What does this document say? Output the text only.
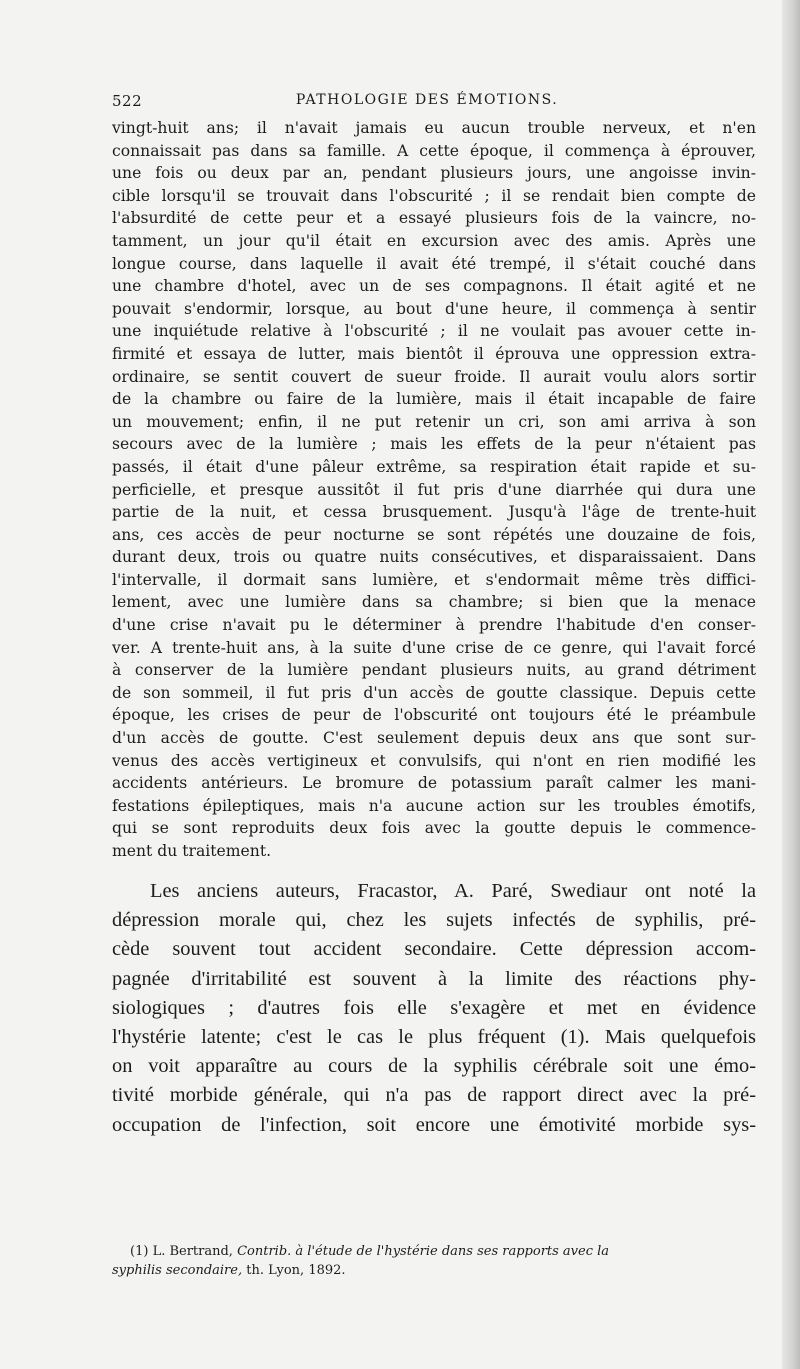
522	PATHOLOGIE DES ÉMOTIONS.

vingt-huit ans; il n'avait jamais eu aucun trouble nerveux, et n'en

connaissait pas dans sa famille. A cette époque, il commença à éprouver,

une fois ou deux par an, pendant plusieurs jours, une angoisse invin-

cible lorsqu'il se trouvait dans l'obscurité ; il se rendait bien compte de

l'absurdité de cette peur et a essayé plusieurs fois de la vaincre, no-

tamment, un jour qu'il était en excursion avec des amis. Après une

longue course, dans laquelle il avait été trempé, il s'était couché dans

une chambre d'hotel, avec un de ses compagnons. Il était agité et ne

pouvait s'endormir, lorsque, au bout d'une heure, il commença à sentir

une inquiétude relative à l'obscurité ; il ne voulait pas avouer cette in-

firmité et essaya de lutter, mais bientôt il éprouva une oppression extra-

ordinaire, se sentit couvert de sueur froide. Il aurait voulu alors sortir

de la chambre ou faire de la lumière, mais il était incapable de faire

un mouvement; enfin, il ne put retenir un cri, son ami arriva à son

secours avec de la lumière ; mais les effets de la peur n'étaient pas

passés, il était d'une pâleur extrême, sa respiration était rapide et su-

perficielle, et presque aussitôt il fut pris d'une diarrhée qui dura une

partie de la nuit, et cessa brusquement. Jusqu'à l'âge de trente-huit

ans, ces accès de peur nocturne se sont répétés une douzaine de fois,

durant deux, trois ou quatre nuits consécutives, et disparaissaient. Dans

l'intervalle, il dormait sans lumière, et s'endormait même très diffici-

lement, avec une lumière dans sa chambre; si bien que la menace

d'une crise n'avait pu le déterminer à prendre l'habitude d'en conser-

ver. A trente-huit ans, à la suite d'une crise de ce genre, qui l'avait forcé

à conserver de la lumière pendant plusieurs nuits, au grand détriment

de son sommeil, il fut pris d'un accès de goutte classique. Depuis cette

époque, les crises de peur de l'obscurité ont toujours été le préambule

d'un accès de goutte. C'est seulement depuis deux ans que sont sur-

venus des accès vertigineux et convulsifs, qui n'ont en rien modifié les

accidents antérieurs. Le bromure de potassium paraît calmer les mani-

festations épileptiques, mais n'a aucune action sur les troubles émotifs,

qui se sont reproduits deux fois avec la goutte depuis le commence-

ment du traitement.

Les anciens auteurs, Fracastor, A. Paré, Swediaur ont noté la

dépression morale qui, chez les sujets infectés de syphilis, pré-

cède souvent tout accident secondaire. Cette dépression accom-

pagnée d'irritabilité est souvent à la limite des réactions phy-

siologiques ; d'autres fois elle s'exagère et met en évidence

l'hystérie latente; c'est le cas le plus fréquent (1). Mais quelquefois

on voit apparaître au cours de la syphilis cérébrale soit une émo-

tivité morbide générale, qui n'a pas de rapport direct avec la pré-

occupation de l'infection, soit encore une émotivité morbide sys-

(1) L. Bertrand, Contrib. à l'étude de l'hystérie dans ses rapports avec la

syphilis secondaire, th. Lyon, 1892.
